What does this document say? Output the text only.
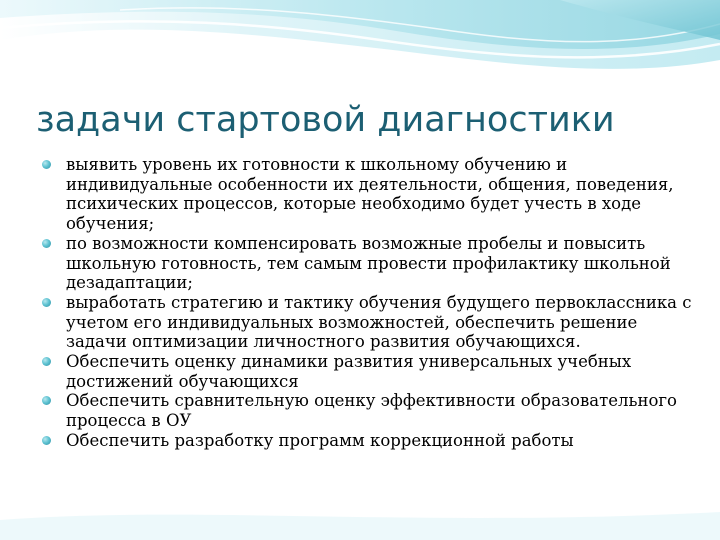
задачи стартовой диагностики
выявить уровень их готовности к школьному обучению и индивидуальные особенности их деятельности, общения, поведения, психических процессов, которые необходимо будет учесть в ходе обучения;
по возможности компенсировать возможные пробелы и повысить школьную готовность, тем самым провести профилактику школьной дезадаптации;
выработать стратегию и тактику обучения будущего первоклассника с учетом его индивидуальных возможностей, обеспечить решение задачи оптимизации личностного развития обучающихся.
Обеспечить оценку динамики развития универсальных учебных достижений обучающихся
Обеспечить сравнительную оценку эффективности образовательного процесса в ОУ
Обеспечить разработку программ коррекционной работы
